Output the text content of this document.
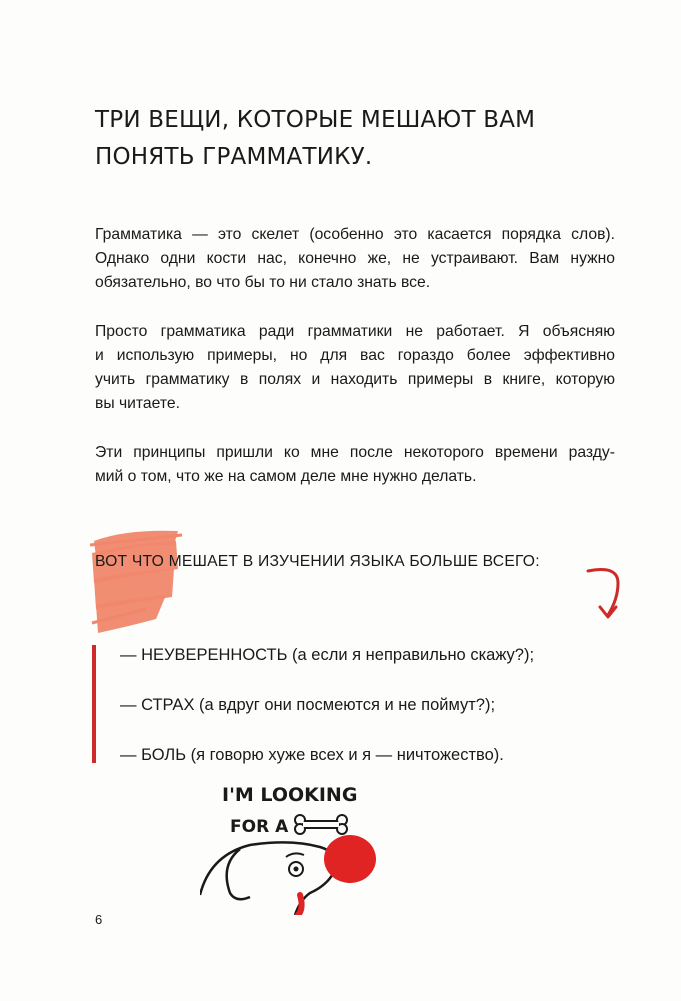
ТРИ ВЕЩИ, КОТОРЫЕ МЕШАЮТ ВАМ
ПОНЯТЬ ГРАММАТИКУ.

Грамматика — это скелет (особенно это касается порядка слов).
Однако одни кости нас, конечно же, не устраивают. Вам нужно
обязательно, во что бы то ни стало знать все.

Просто грамматика ради грамматики не работает. Я объясняю
и использую примеры, но для вас гораздо более эффективно
учить грамматику в полях и находить примеры в книге, которую
вы читаете.

Эти принципы пришли ко мне после некоторого времени разду-
мий о том, что же на самом деле мне нужно делать.

ВОТ ЧТО МЕШАЕТ В ИЗУЧЕНИИ ЯЗЫКА БОЛЬШЕ ВСЕГО:

— НЕУВЕРЕННОСТЬ (а если я неправильно скажу?);
— СТРАХ (а вдруг они посмеются и не поймут?);
— БОЛЬ (я говорю хуже всех и я — ничтожество).
I'M LOOKING
FOR A
6
